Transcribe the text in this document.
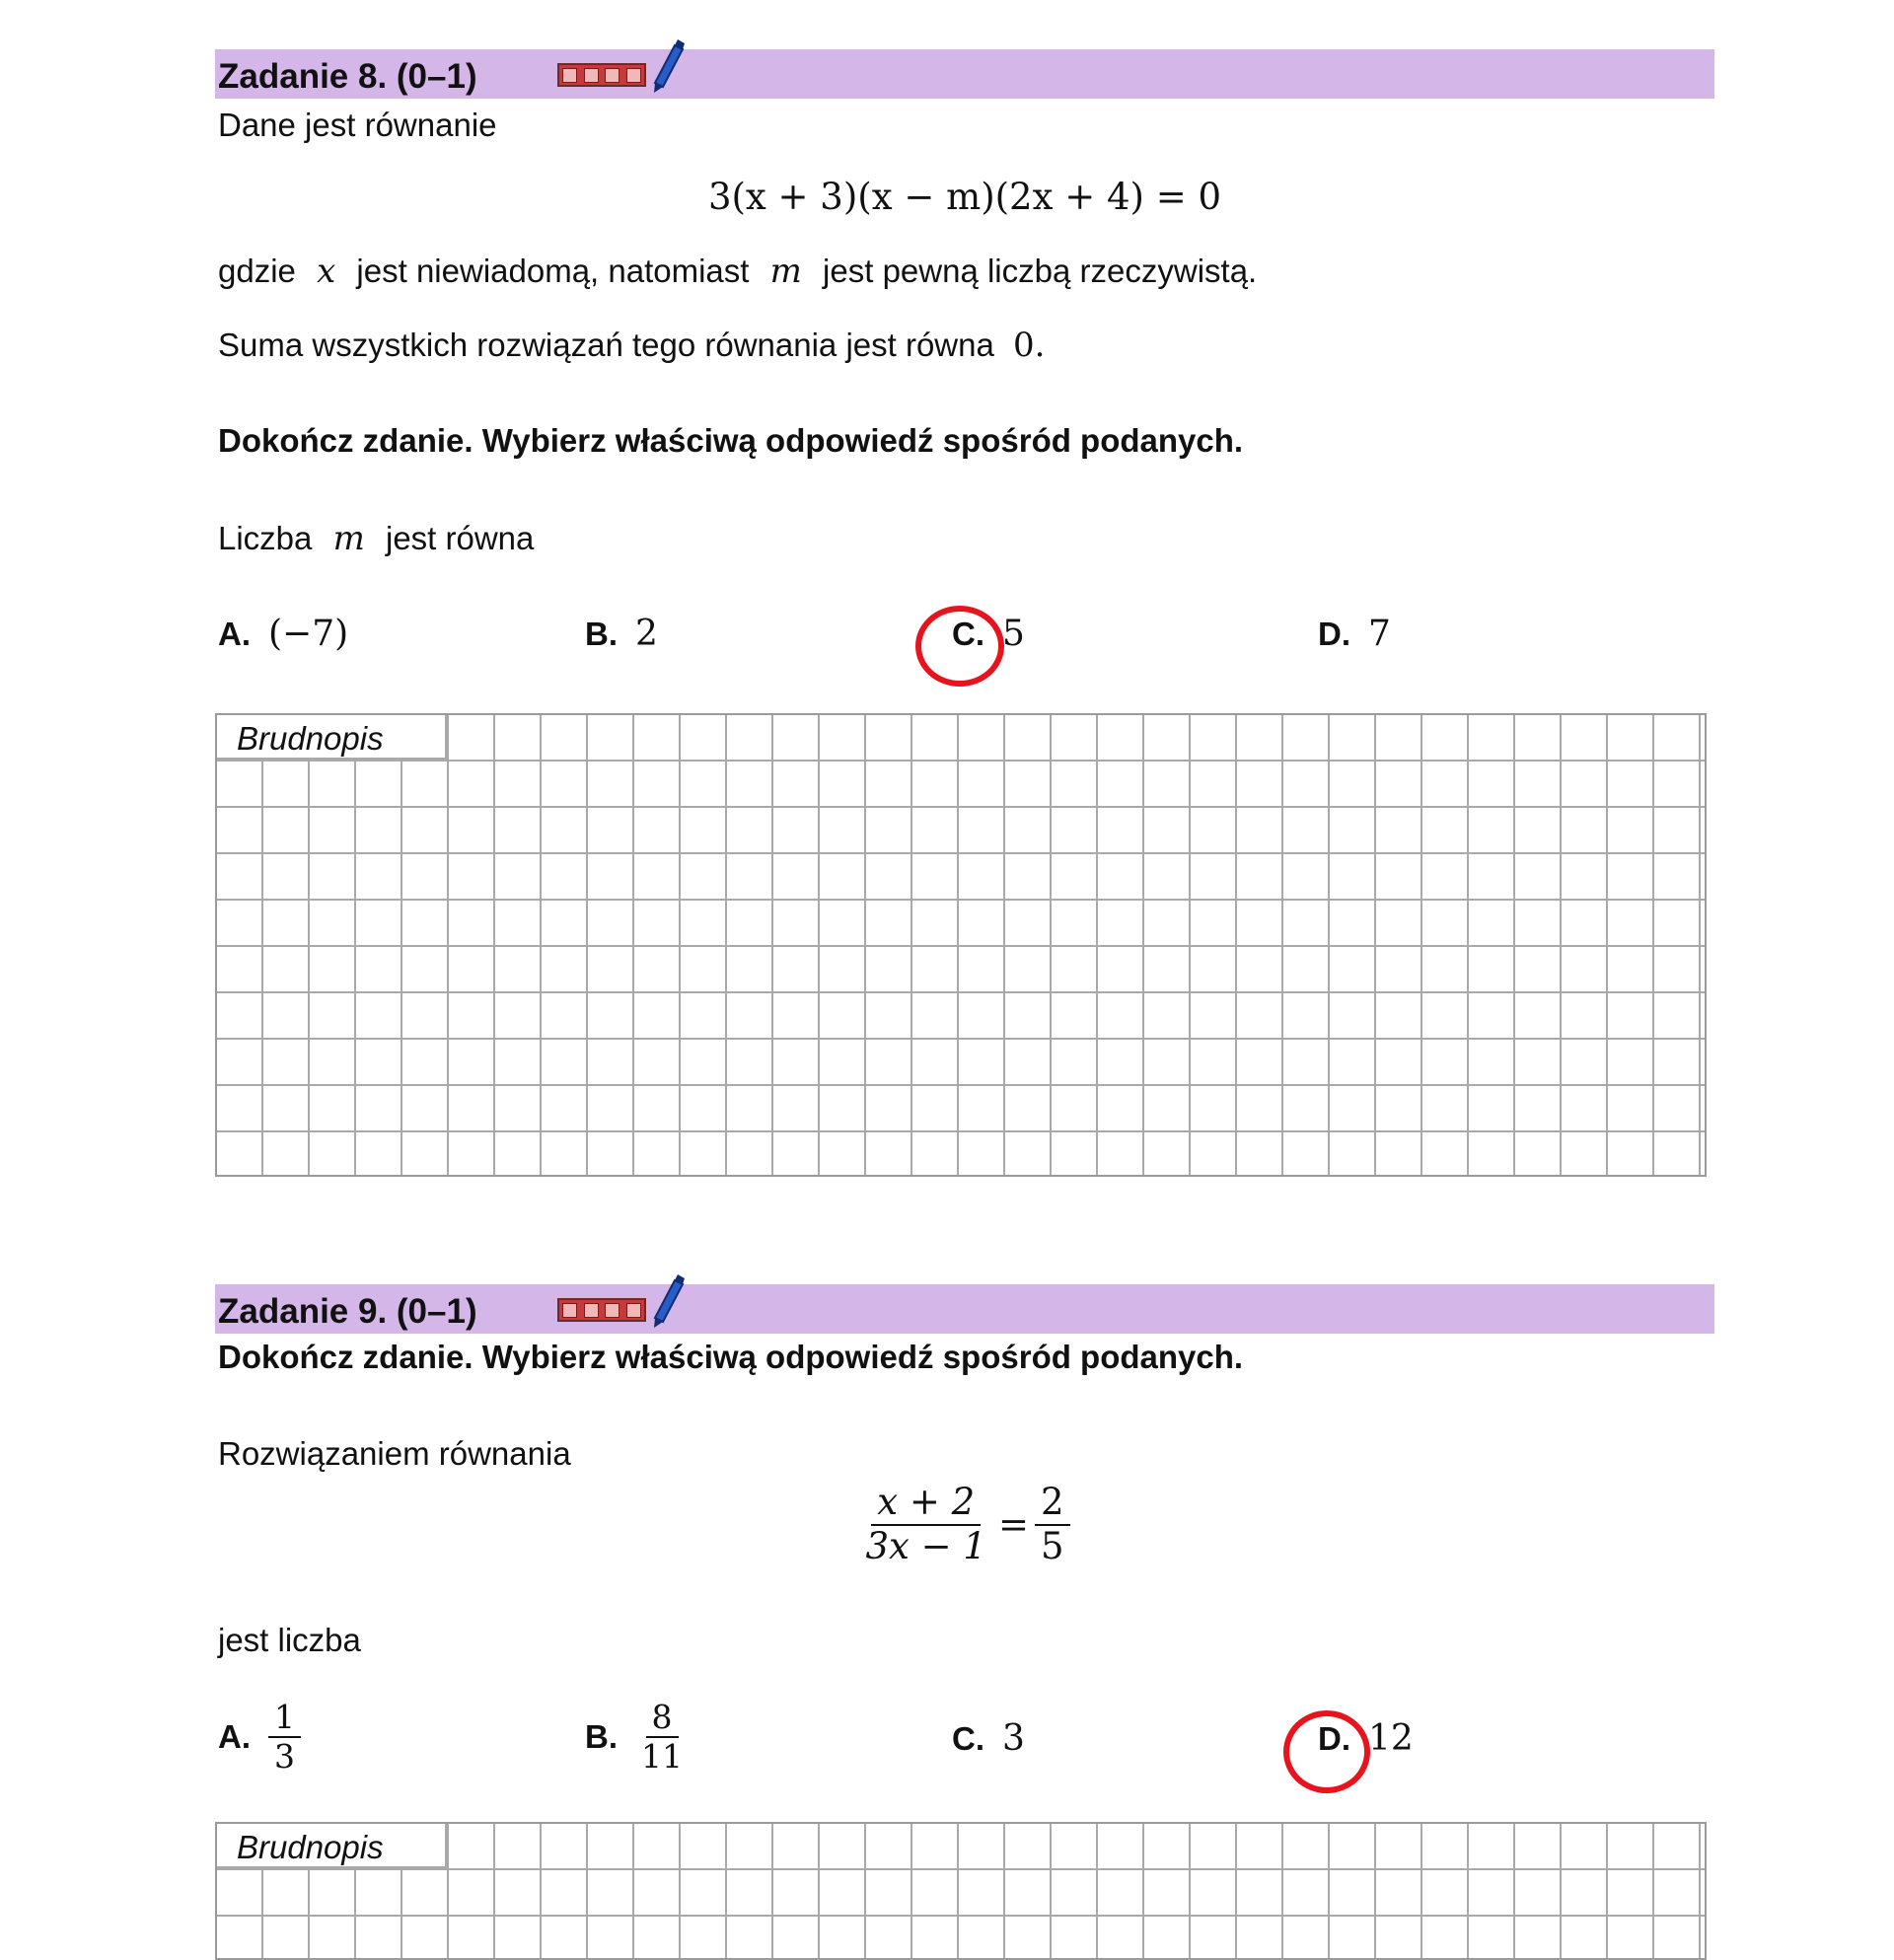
Zadanie 8. (0–1)
Dane jest równanie
3(x + 3)(x − m)(2x + 4) = 0
gdzie x jest niewiadomą, natomiast m jest pewną liczbą rzeczywistą.
Suma wszystkich rozwiązań tego równania jest równa 0.
Dokończ zdanie. Wybierz właściwą odpowiedź spośród podanych.
Liczba m jest równa
A. (−7)	B. 2	C. 5	D. 7
Brudnopis
Zadanie 9. (0–1)
Dokończ zdanie. Wybierz właściwą odpowiedź spośród podanych.
Rozwiązaniem równania
$\frac{x + 2}{3x - 1} = \frac{2}{5}$
jest liczba
A. $\frac{1}{3}$	B. $\frac{8}{11}$	C. 3	D. 12
Brudnopis
